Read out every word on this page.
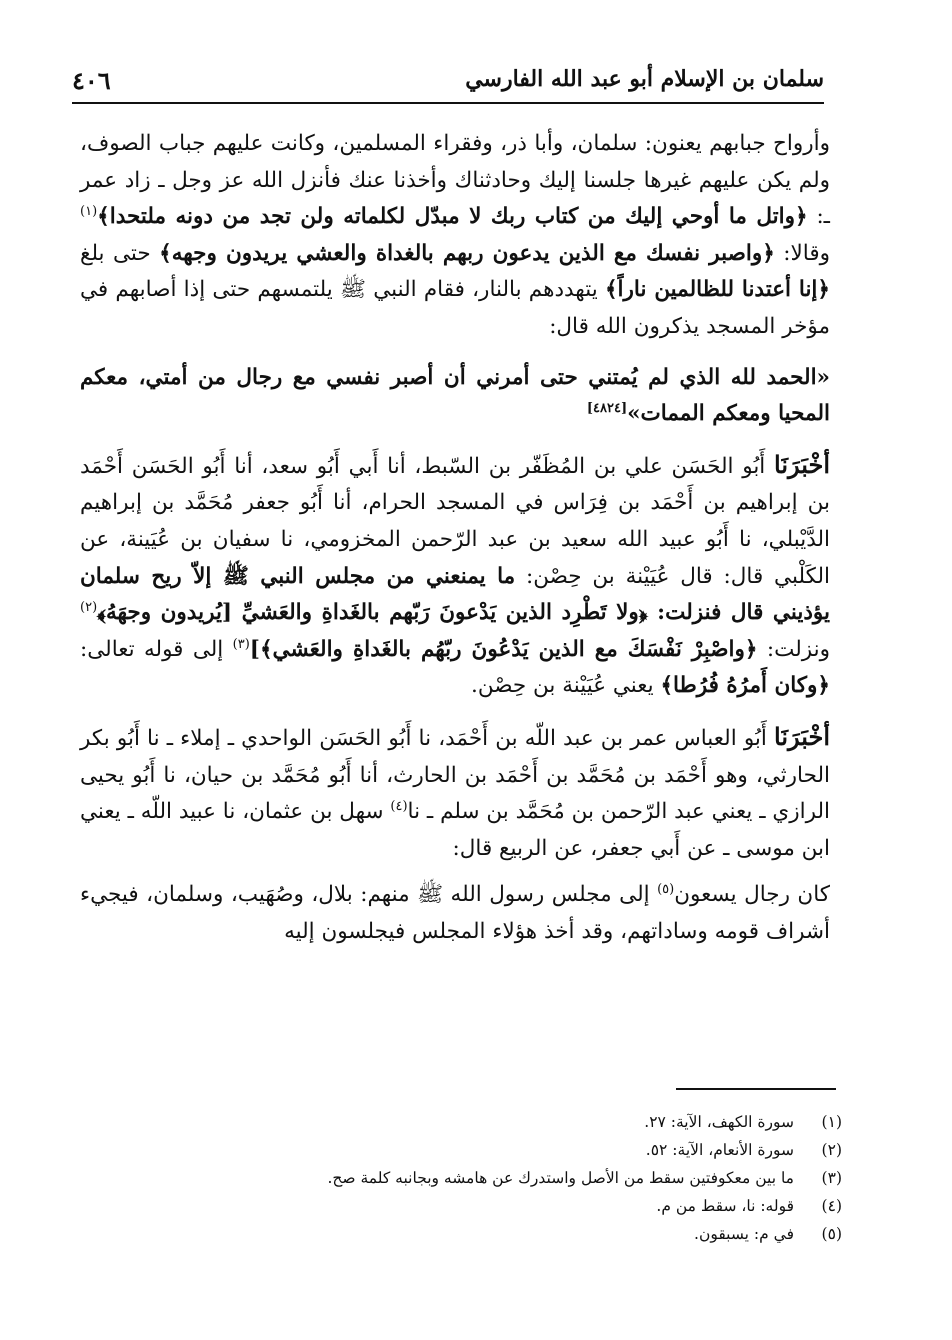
سلمان بن الإسلام أبو عبد الله الفارسي
٤٠٦

وأرواح جبابهم يعنون: سلمان، وأبا ذر، وفقراء المسلمين، وكانت عليهم جباب الصوف، ولم يكن عليهم غيرها جلسنا إليك وحادثناك وأخذنا عنك فأنزل الله عز وجل ـ زاد عمر ـ: ﴿واتل ما أوحي إليك من كتاب ربك لا مبدّل لكلماته ولن تجد من دونه ملتحدا﴾$^{(١)}$ وقالا: ﴿واصبر نفسك مع الذين يدعون ربهم بالغداة والعشي يريدون وجهه﴾ حتى بلغ ﴿إنا أعتدنا للظالمين ناراً﴾ يتهددهم بالنار، فقام النبي ﷺ يلتمسهم حتى إذا أصابهم في مؤخر المسجد يذكرون الله قال:

«الحمد لله الذي لم يُمتني حتى أمرني أن أصبر نفسي مع رجال من أمتي، معكم المحيا ومعكم الممات»[٤٨٢٤]

أخْبَرَنَا أَبُو الحَسَن علي بن المُظَفّر بن السّبط، أنا أَبي أَبُو سعد، أنا أَبُو الحَسَن أَحْمَد بن إبراهيم بن أَحْمَد بن فِرَاس في المسجد الحرام، أنا أَبُو جعفر مُحَمَّد بن إبراهيم الدَّيْبلي، نا أَبُو عبيد الله سعيد بن عبد الرّحمن المخزومي، نا سفيان بن عُيَينة، عن الكَلْبي قال: قال عُيَيْنة بن حِصْن: ما يمنعني من مجلس النبي ﷺ إلاّ ريح سلمان يؤذيني قال فنزلت: ﴿ولا تَطْرِد الذين يَدْعونَ رَبّهم بالغَداةِ والعَشيِّ [يُريدون وجهَهُ﴾$^{(٢)}$ ونزلت: ﴿واصْبِرْ نَفْسَكَ مع الذين يَدْعُونَ ربّهُم بالغَداةِ والعَشي﴾]$^{(٣)}$ إلى قوله تعالى: ﴿وكان أَمرُهُ فُرُطا﴾ يعني عُيَيْنة بن حِصْن.

أخْبَرَنَا أَبُو العباس عمر بن عبد اللّه بن أَحْمَد، نا أَبُو الحَسَن الواحدي ـ إملاء ـ نا أَبُو بكر الحارثي، وهو أَحْمَد بن مُحَمَّد بن أَحْمَد بن الحارث، أنا أَبُو مُحَمَّد بن حيان، نا أَبُو يحيى الرازي ـ يعني عبد الرّحمن بن مُحَمَّد بن سلم ـ نا$^{(٤)}$ سهل بن عثمان، نا عبيد اللّه ـ يعني ابن موسى ـ عن أَبي جعفر، عن الربيع قال:

كان رجال يسعون$^{(٥)}$ إلى مجلس رسول الله ﷺ منهم: بلال، وصُهَيب، وسلمان، فيجيء أشراف قومه وساداتهم، وقد أخذ هؤلاء المجلس فيجلسون إليه

(١)
سورة الكهف، الآية: ٢٧.
(٢)
سورة الأنعام، الآية: ٥٢.
(٣)
ما بين معكوفتين سقط من الأصل واستدرك عن هامشه وبجانبه كلمة صح.
(٤)
قوله: نا، سقط من م.
(٥)
في م: يسبقون.
